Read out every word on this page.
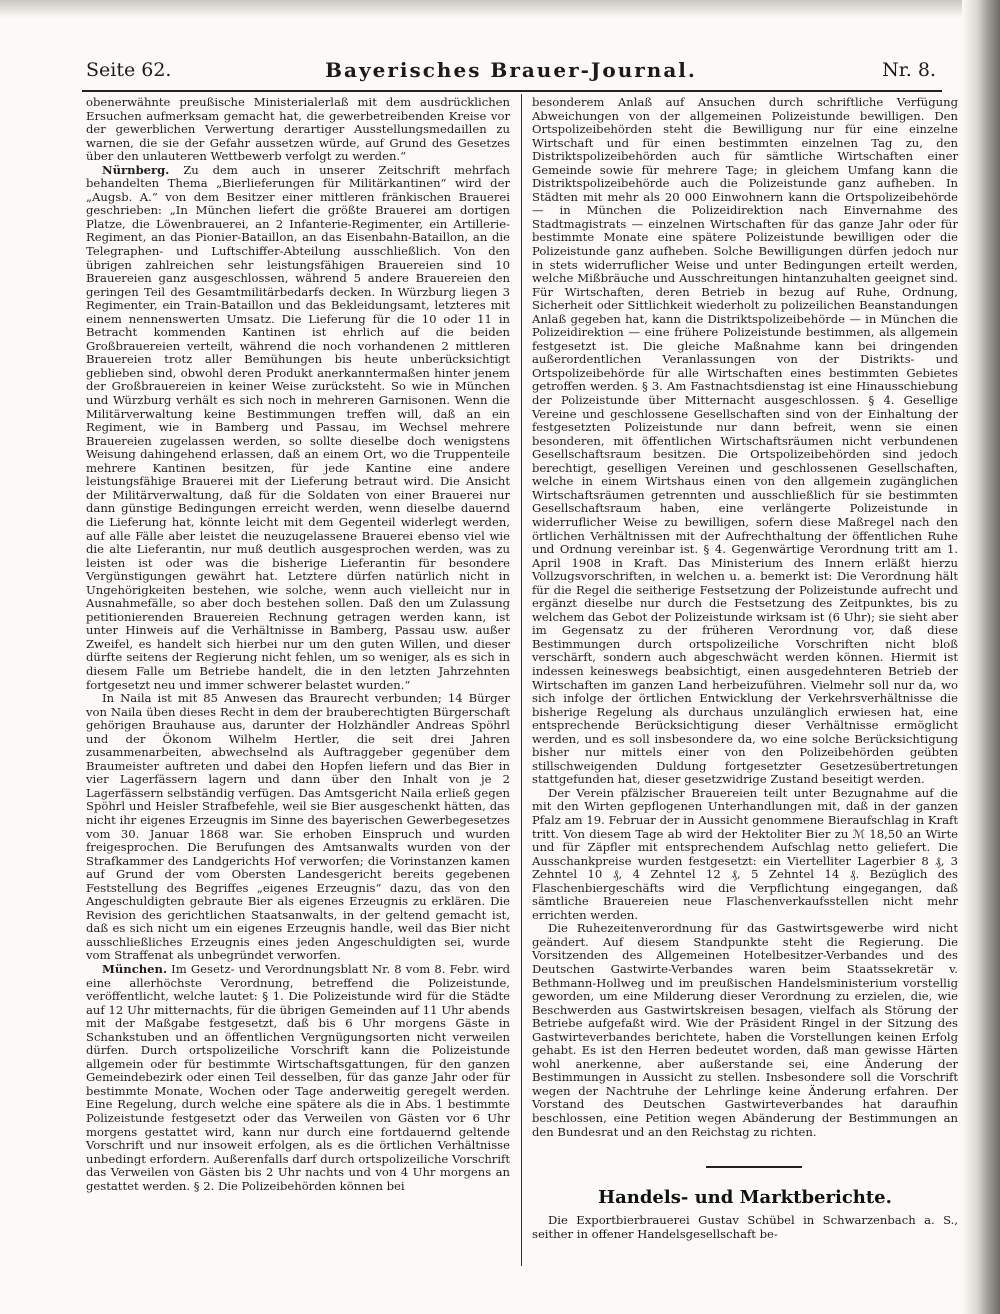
Seite 62.	Bayerisches Brauer-Journal.	Nr. 8.

obenerwähnte preußische Ministerialerlaß mit dem ausdrücklichen Ersuchen aufmerksam gemacht hat, die gewerbetreibenden Kreise vor der gewerblichen Verwertung derartiger Ausstellungsmedaillen zu warnen, die sie der Gefahr aussetzen würde, auf Grund des Gesetzes über den unlauteren Wettbewerb verfolgt zu werden.“

Nürnberg. Zu dem auch in unserer Zeitschrift mehrfach behandelten Thema „Bierlieferungen für Militärkantinen“ wird der „Augsb. A.“ von dem Besitzer einer mittleren fränkischen Brauerei geschrieben: „In München liefert die größte Brauerei am dortigen Platze, die Löwenbrauerei, an 2 Infanterie-Regimenter, ein Artillerie-Regiment, an das Pionier-Bataillon, an das Eisenbahn-Bataillon, an die Telegraphen- und Luftschiffer-Abteilung ausschließlich. Von den übrigen zahlreichen sehr leistungsfähigen Brauereien sind 10 Brauereien ganz ausgeschlossen, während 5 andere Brauereien den geringen Teil des Gesamtmilitärbedarfs decken. In Würzburg liegen 3 Regimenter, ein Train-Bataillon und das Bekleidungsamt, letzteres mit einem nennenswerten Umsatz. Die Lieferung für die 10 oder 11 in Betracht kommenden Kantinen ist ehrlich auf die beiden Großbrauereien verteilt, während die noch vorhandenen 2 mittleren Brauereien trotz aller Bemühungen bis heute unberücksichtigt geblieben sind, obwohl deren Produkt anerkanntermaßen hinter jenem der Großbrauereien in keiner Weise zurücksteht. So wie in München und Würzburg verhält es sich noch in mehreren Garnisonen. Wenn die Militärverwaltung keine Bestimmungen treffen will, daß an ein Regiment, wie in Bamberg und Passau, im Wechsel mehrere Brauereien zugelassen werden, so sollte dieselbe doch wenigstens Weisung dahingehend erlassen, daß an einem Ort, wo die Truppenteile mehrere Kantinen besitzen, für jede Kantine eine andere leistungsfähige Brauerei mit der Lieferung betraut wird. Die Ansicht der Militärverwaltung, daß für die Soldaten von einer Brauerei nur dann günstige Bedingungen erreicht werden, wenn dieselbe dauernd die Lieferung hat, könnte leicht mit dem Gegenteil widerlegt werden, auf alle Fälle aber leistet die neuzugelassene Brauerei ebenso viel wie die alte Lieferantin, nur muß deutlich ausgesprochen werden, was zu leisten ist oder was die bisherige Lieferantin für besondere Vergünstigungen gewährt hat. Letztere dürfen natürlich nicht in Ungehörigkeiten bestehen, wie solche, wenn auch vielleicht nur in Ausnahmefälle, so aber doch bestehen sollen. Daß den um Zulassung petitionierenden Brauereien Rechnung getragen werden kann, ist unter Hinweis auf die Verhältnisse in Bamberg, Passau usw. außer Zweifel, es handelt sich hierbei nur um den guten Willen, und dieser dürfte seitens der Regierung nicht fehlen, um so weniger, als es sich in diesem Falle um Betriebe handelt, die in den letzten Jahrzehnten fortgesetzt neu und immer schwerer belastet wurden.“

In Naila ist mit 85 Anwesen das Braurecht verbunden; 14 Bürger von Naila üben dieses Recht in dem der brauberechtigten Bürgerschaft gehörigen Brauhause aus, darunter der Holzhändler Andreas Spöhrl und der Ökonom Wilhelm Hertler, die seit drei Jahren zusammenarbeiten, abwechselnd als Auftraggeber gegenüber dem Braumeister auftreten und dabei den Hopfen liefern und das Bier in vier Lagerfässern lagern und dann über den Inhalt von je 2 Lagerfässern selbständig verfügen. Das Amtsgericht Naila erließ gegen Spöhrl und Heisler Strafbefehle, weil sie Bier ausgeschenkt hätten, das nicht ihr eigenes Erzeugnis im Sinne des bayerischen Gewerbegesetzes vom 30. Januar 1868 war. Sie erhoben Einspruch und wurden freigesprochen. Die Berufungen des Amtsanwalts wurden von der Strafkammer des Landgerichts Hof verworfen; die Vorinstanzen kamen auf Grund der vom Obersten Landesgericht bereits gegebenen Feststellung des Begriffes „eigenes Erzeugnis“ dazu, das von den Angeschuldigten gebraute Bier als eigenes Erzeugnis zu erklären. Die Revision des gerichtlichen Staatsanwalts, in der geltend gemacht ist, daß es sich nicht um ein eigenes Erzeugnis handle, weil das Bier nicht ausschließliches Erzeugnis eines jeden Angeschuldigten sei, wurde vom Straffenat als unbegründet verworfen.

München. Im Gesetz- und Verordnungsblatt Nr. 8 vom 8. Febr. wird eine allerhöchste Verordnung, betreffend die Polizeistunde, veröffentlicht, welche lautet: § 1. Die Polizeistunde wird für die Städte auf 12 Uhr mitternachts, für die übrigen Gemeinden auf 11 Uhr abends mit der Maßgabe festgesetzt, daß bis 6 Uhr morgens Gäste in Schankstuben und an öffentlichen Vergnügungsorten nicht verweilen dürfen. Durch ortspolizeiliche Vorschrift kann die Polizeistunde allgemein oder für bestimmte Wirtschaftsgattungen, für den ganzen Gemeindebezirk oder einen Teil desselben, für das ganze Jahr oder für bestimmte Monate, Wochen oder Tage anderweitig geregelt werden. Eine Regelung, durch welche eine spätere als die in Abs. 1 bestimmte Polizeistunde festgesetzt oder das Verweilen von Gästen vor 6 Uhr morgens gestattet wird, kann nur durch eine fortdauernd geltende Vorschrift und nur insoweit erfolgen, als es die örtlichen Verhältnisse unbedingt erfordern. Außerenfalls darf durch ortspolizeiliche Vorschrift das Verweilen von Gästen bis 2 Uhr nachts und von 4 Uhr morgens an gestattet werden. § 2. Die Polizeibehörden können bei

besonderem Anlaß auf Ansuchen durch schriftliche Verfügung Abweichungen von der allgemeinen Polizeistunde bewilligen. Den Ortspolizeibehörden steht die Bewilligung nur für eine einzelne Wirtschaft und für einen bestimmten einzelnen Tag zu, den Distriktspolizeibehörden auch für sämtliche Wirtschaften einer Gemeinde sowie für mehrere Tage; in gleichem Umfang kann die Distriktspolizeibehörde auch die Polizeistunde ganz aufheben. In Städten mit mehr als 20 000 Einwohnern kann die Ortspolizeibehörde — in München die Polizeidirektion nach Einvernahme des Stadtmagistrats — einzelnen Wirtschaften für das ganze Jahr oder für bestimmte Monate eine spätere Polizeistunde bewilligen oder die Polizeistunde ganz aufheben. Solche Bewilligungen dürfen jedoch nur in stets widerruflicher Weise und unter Bedingungen erteilt werden, welche Mißbräuche und Ausschreitungen hintanzuhalten geeignet sind. Für Wirtschaften, deren Betrieb in bezug auf Ruhe, Ordnung, Sicherheit oder Sittlichkeit wiederholt zu polizeilichen Beanstandungen Anlaß gegeben hat, kann die Distriktspolizeibehörde — in München die Polizeidirektion — eine frühere Polizeistunde bestimmen, als allgemein festgesetzt ist. Die gleiche Maßnahme kann bei dringenden außerordentlichen Veranlassungen von der Distrikts- und Ortspolizeibehörde für alle Wirtschaften eines bestimmten Gebietes getroffen werden. § 3. Am Fastnachtsdienstag ist eine Hinausschiebung der Polizeistunde über Mitternacht ausgeschlossen. § 4. Gesellige Vereine und geschlossene Gesellschaften sind von der Einhaltung der festgesetzten Polizeistunde nur dann befreit, wenn sie einen besonderen, mit öffentlichen Wirtschaftsräumen nicht verbundenen Gesellschaftsraum besitzen. Die Ortspolizeibehörden sind jedoch berechtigt, geselligen Vereinen und geschlossenen Gesellschaften, welche in einem Wirtshaus einen von den allgemein zugänglichen Wirtschaftsräumen getrennten und ausschließlich für sie bestimmten Gesellschaftsraum haben, eine verlängerte Polizeistunde in widerruflicher Weise zu bewilligen, sofern diese Maßregel nach den örtlichen Verhältnissen mit der Aufrechthaltung der öffentlichen Ruhe und Ordnung vereinbar ist. § 4. Gegenwärtige Verordnung tritt am 1. April 1908 in Kraft. Das Ministerium des Innern erläßt hierzu Vollzugsvorschriften, in welchen u. a. bemerkt ist: Die Verordnung hält für die Regel die seitherige Festsetzung der Polizeistunde aufrecht und ergänzt dieselbe nur durch die Festsetzung des Zeitpunktes, bis zu welchem das Gebot der Polizeistunde wirksam ist (6 Uhr); sie sieht aber im Gegensatz zu der früheren Verordnung vor, daß diese Bestimmungen durch ortspolizeiliche Vorschriften nicht bloß verschärft, sondern auch abgeschwächt werden können. Hiermit ist indessen keineswegs beabsichtigt, einen ausgedehnteren Betrieb der Wirtschaften im ganzen Land herbeizuführen. Vielmehr soll nur da, wo sich infolge der örtlichen Entwicklung der Verkehrsverhältnisse die bisherige Regelung als durchaus unzulänglich erwiesen hat, eine entsprechende Berücksichtigung dieser Verhältnisse ermöglicht werden, und es soll insbesondere da, wo eine solche Berücksichtigung bisher nur mittels einer von den Polizeibehörden geübten stillschweigenden Duldung fortgesetzter Gesetzesübertretungen stattgefunden hat, dieser gesetzwidrige Zustand beseitigt werden.

Der Verein pfälzischer Brauereien teilt unter Bezugnahme auf die mit den Wirten gepflogenen Unterhandlungen mit, daß in der ganzen Pfalz am 19. Februar der in Aussicht genommene Bieraufschlag in Kraft tritt. Von diesem Tage ab wird der Hektoliter Bier zu ℳ 18,50 an Wirte und für Zäpfler mit entsprechendem Aufschlag netto geliefert. Die Ausschankpreise wurden festgesetzt: ein Viertelliter Lagerbier 8 ₰, 3 Zehntel 10 ₰, 4 Zehntel 12 ₰, 5 Zehntel 14 ₰. Bezüglich des Flaschenbiergeschäfts wird die Verpflichtung eingegangen, daß sämtliche Brauereien neue Flaschenverkaufsstellen nicht mehr errichten werden.

Die Ruhezeitenverordnung für das Gastwirtsgewerbe wird nicht geändert. Auf diesem Standpunkte steht die Regierung. Die Vorsitzenden des Allgemeinen Hotelbesitzer-Verbandes und des Deutschen Gastwirte-Verbandes waren beim Staatssekretär v. Bethmann-Hollweg und im preußischen Handelsministerium vorstellig geworden, um eine Milderung dieser Verordnung zu erzielen, die, wie Beschwerden aus Gastwirtskreisen besagen, vielfach als Störung der Betriebe aufgefaßt wird. Wie der Präsident Ringel in der Sitzung des Gastwirteverbandes berichtete, haben die Vorstellungen keinen Erfolg gehabt. Es ist den Herren bedeutet worden, daß man gewisse Härten wohl anerkenne, aber außerstande sei, eine Änderung der Bestimmungen in Aussicht zu stellen. Insbesondere soll die Vorschrift wegen der Nachtruhe der Lehrlinge keine Änderung erfahren. Der Vorstand des Deutschen Gastwirteverbandes hat daraufhin beschlossen, eine Petition wegen Abänderung der Bestimmungen an den Bundesrat und an den Reichstag zu richten.

Handels- und Marktberichte.

Die Exportbierbrauerei Gustav Schübel in Schwarzenbach a. S., seither in offener Handelsgesellschaft be-
